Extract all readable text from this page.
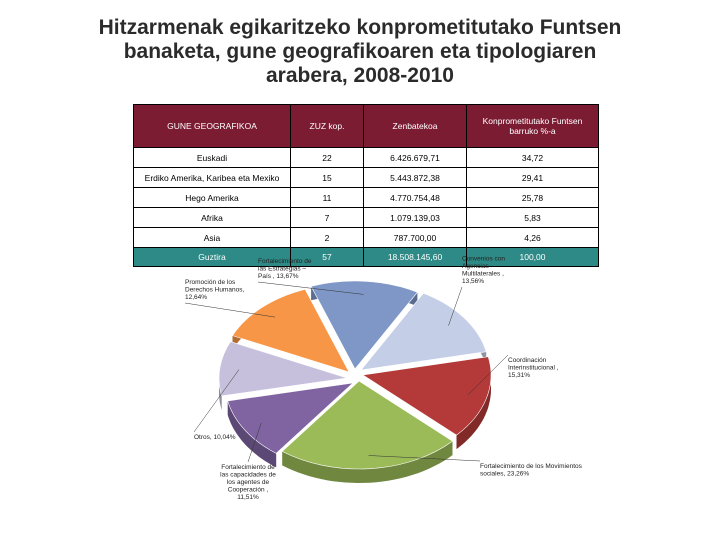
Hitzarmenak egikaritzeko konprometitutako Funtsen
banaketa, gune geografikoaren eta tipologiaren
arabera, 2008-2010
GUNE GEOGRAFIKOA	ZUZ kop.	Zenbatekoa	Konprometitutako Funtsen barruko %-a
Euskadi	22	6.426.679,71	34,72
Erdiko Amerika, Karibea eta Mexiko	15	5.443.872,38	29,41
Hego Amerika	11	4.770.754,48	25,78
Afrika	7	1.079.139,03	5,83
Asia	2	787.700,00	4,26
Guztira	57	18.508.145,60	100,00
Fortalecimiento de las Estrategias – País , 13,67%
Convenios con Agencias Multilaterales , 13,56%
Coordinación Interinstitucional , 15,31%
Fortalecimiento de los Movimientos sociales, 23,26%
Fortalecimiento de las capacidades de los agentes de Cooperación , 11,51%
Otros, 10,04%
Promoción de los Derechos Humanos, 12,64%
